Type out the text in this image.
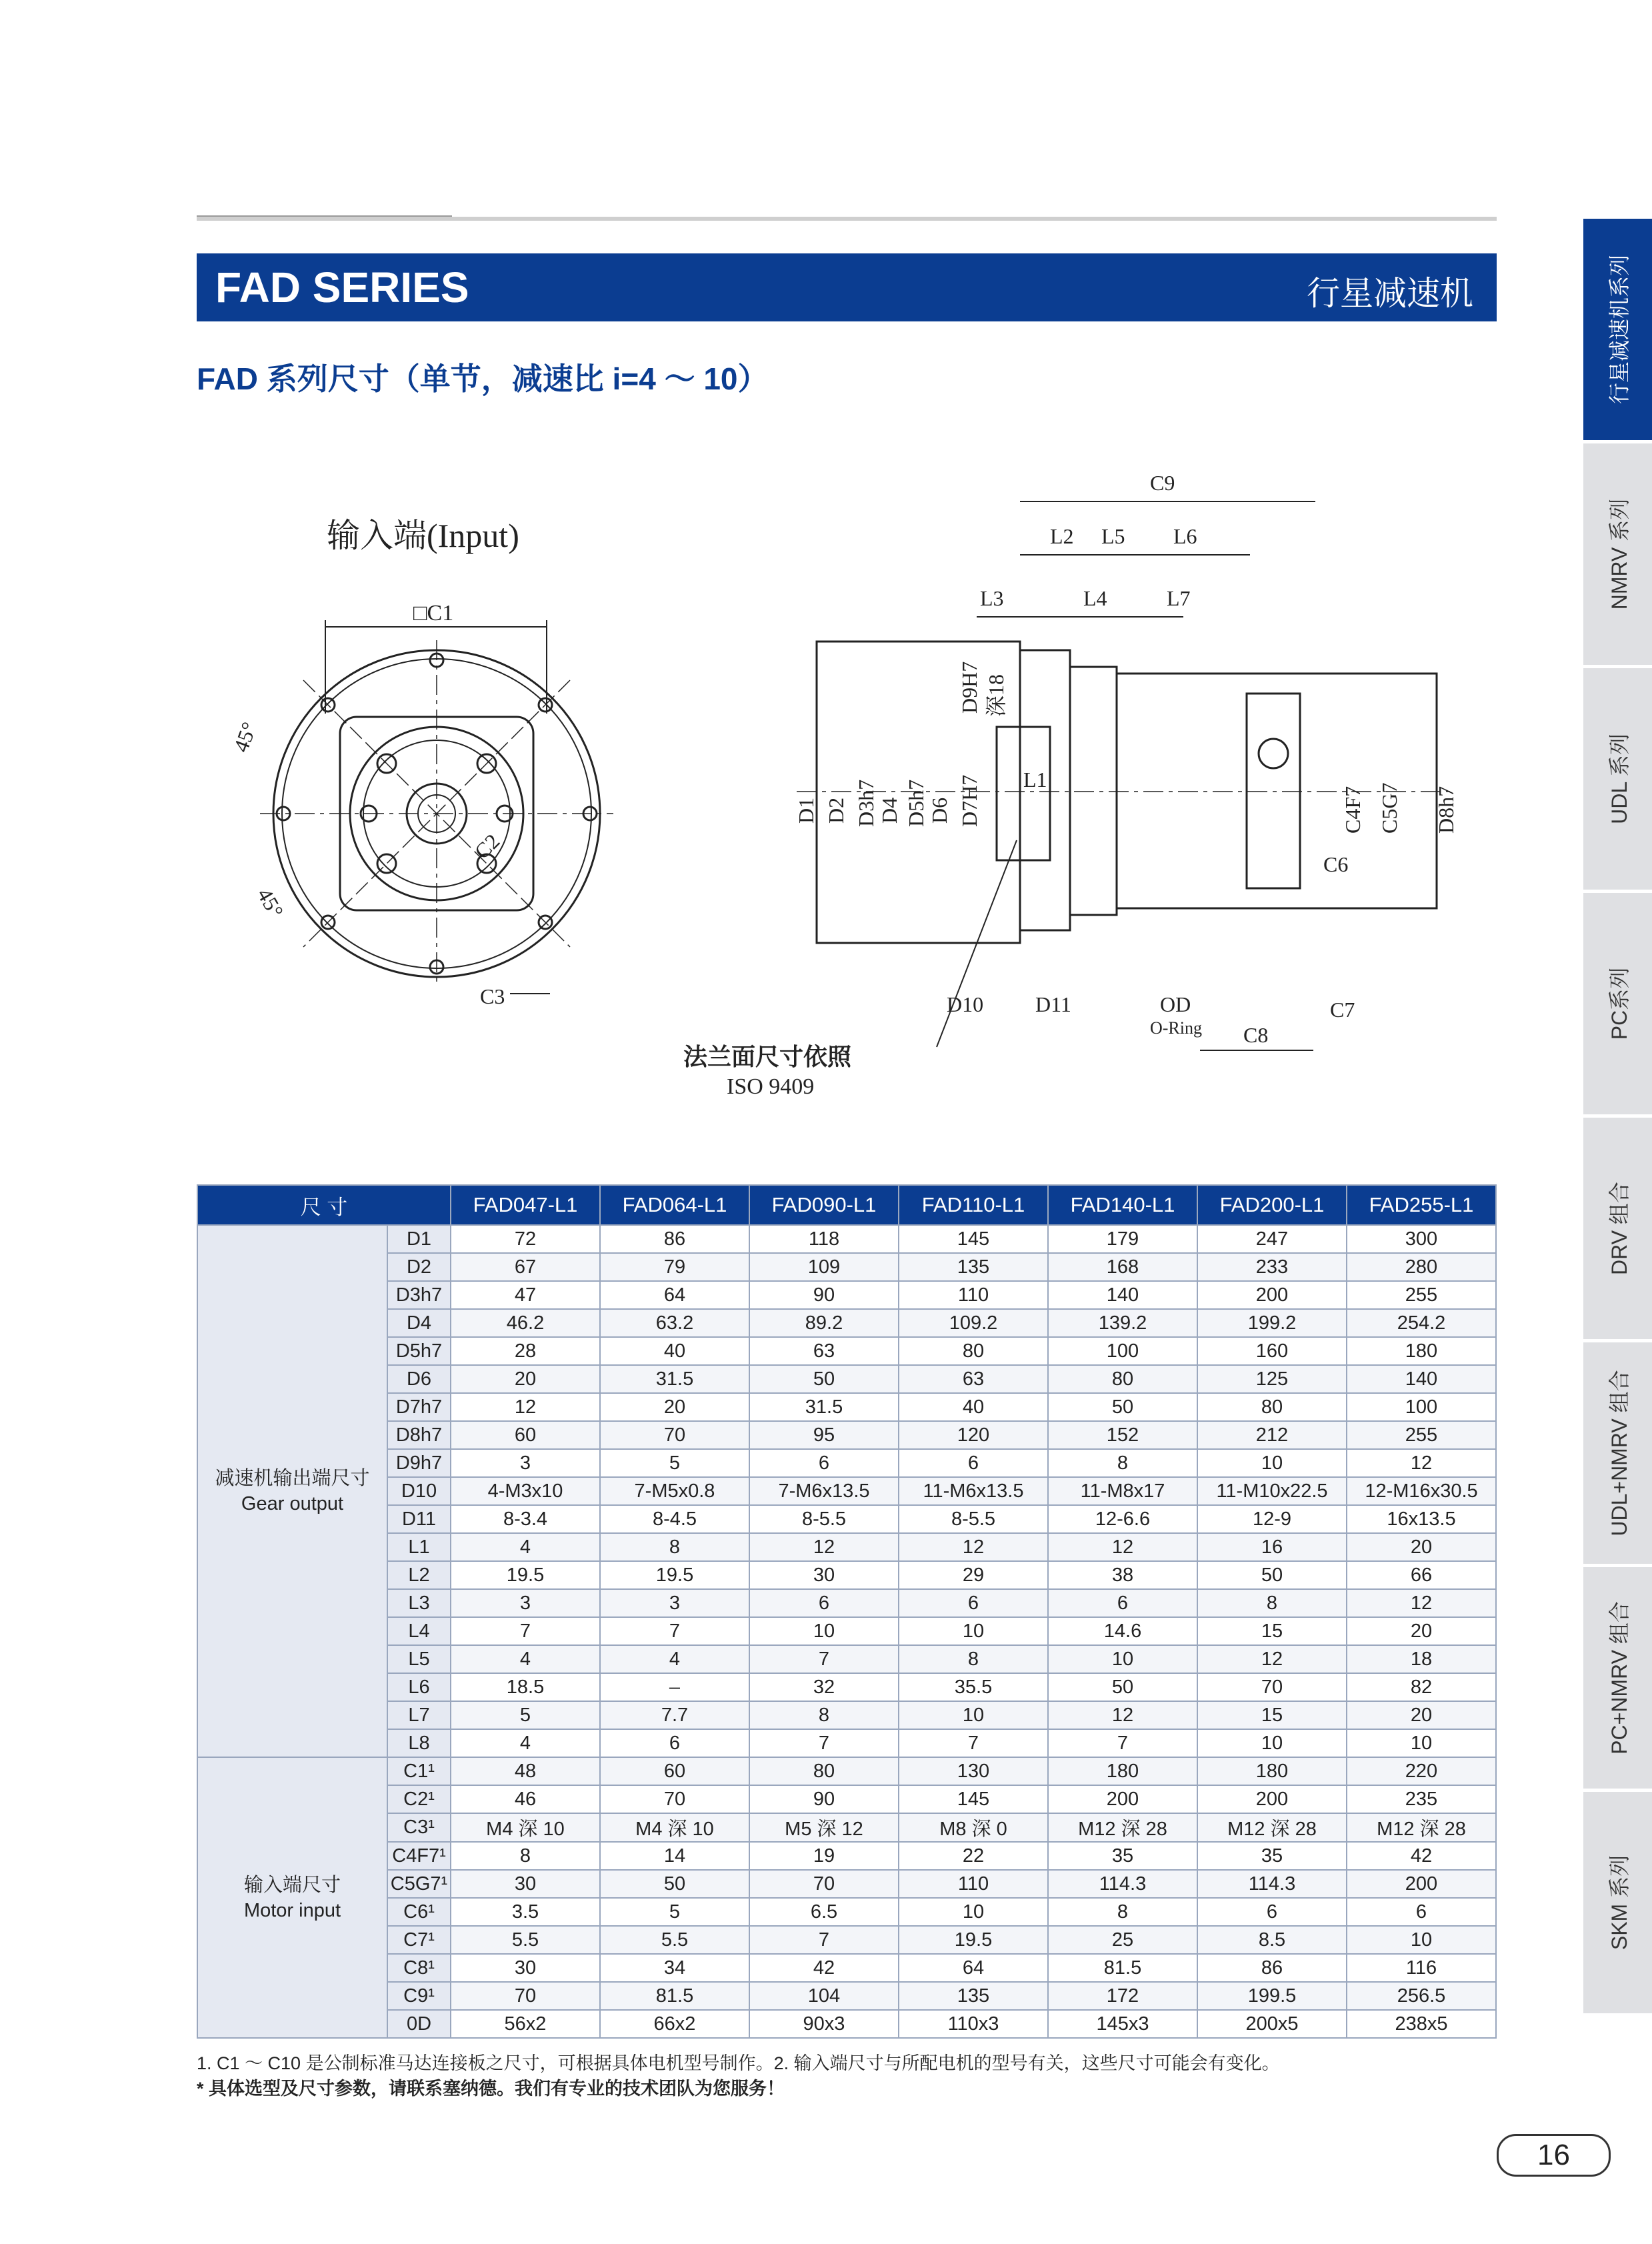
FAD SERIES	行星减速机
FAD 系列尺寸（单节，减速比 i=4 ～ 10）	行星减速机系列
NMRV 系列
UDL 系列
PC系列
DRV 组合
UDL+NMRV 组合
PC+NMRV 组合
SKM 系列
输入端(Input)
□C1
45°
45°
C2
C3
C9
L2 L5 L6
L3	L4	L7
D1 D2 D3h7 D4 D5h7 D6 D7H7
D9H7 深18
L1
C4F7 C5G7 D8h7
C6
D10 D11	OD
O-Ring C8
C7
法兰面尺寸依照
ISO 9409
尺 寸		FAD047-L1	FAD064-L1	FAD090-L1	FAD110-L1	FAD140-L1	FAD200-L1	FAD255-L1

减速机输出端尺寸
Gear output	D1	72	86	118	145	179	247	300
	D2	67	79	109	135	168	233	280
	D3h7	47	64	90	110	140	200	255
	D4	46.2	63.2	89.2	109.2	139.2	199.2	254.2
	D5h7	28	40	63	80	100	160	180
	D6	20	31.5	50	63	80	125	140
	D7h7	12	20	31.5	40	50	80	100
	D8h7	60	70	95	120	152	212	255
	D9h7	3	5	6	6	8	10	12
	D10	4-M3x10	7-M5x0.8	7-M6x13.5	11-M6x13.5	11-M8x17	11-M10x22.5	12-M16x30.5
	D11	8-3.4	8-4.5	8-5.5	8-5.5	12-6.6	12-9	16x13.5
	L1	4	8	12	12	12	16	20
	L2	19.5	19.5	30	29	38	50	66
	L3	3	3	6	6	6	8	12
	L4	7	7	10	10	14.6	15	20
	L5	4	4	7	8	10	12	18
	L6	18.5	–	32	35.5	50	70	82
	L7	5	7.7	8	10	12	15	20
	L8	4	6	7	7	7	10	10

输入端尺寸
Motor input	C1¹	48	60	80	130	180	180	220
	C2¹	46	70	90	145	200	200	235
	C3¹	M4 深 10	M4 深 10	M5 深 12	M8 深 0	M12 深 28	M12 深 28	M12 深 28
	C4F7¹	8	14	19	22	35	35	42
	C5G7¹	30	50	70	110	114.3	114.3	200
	C6¹	3.5	5	6.5	10	8	6	6
	C7¹	5.5	5.5	7	19.5	25	8.5	10
	C8¹	30	34	42	64	81.5	86	116
	C9¹	70	81.5	104	135	172	199.5	256.5
	0D	56x2	66x2	90x3	110x3	145x3	200x5	238x5
1. C1 ～ C10 是公制标准马达连接板之尺寸，可根据具体电机型号制作。2. 输入端尺寸与所配电机的型号有关，这些尺寸可能会有变化。
* 具体选型及尺寸参数，请联系塞纳德。我们有专业的技术团队为您服务！
16
